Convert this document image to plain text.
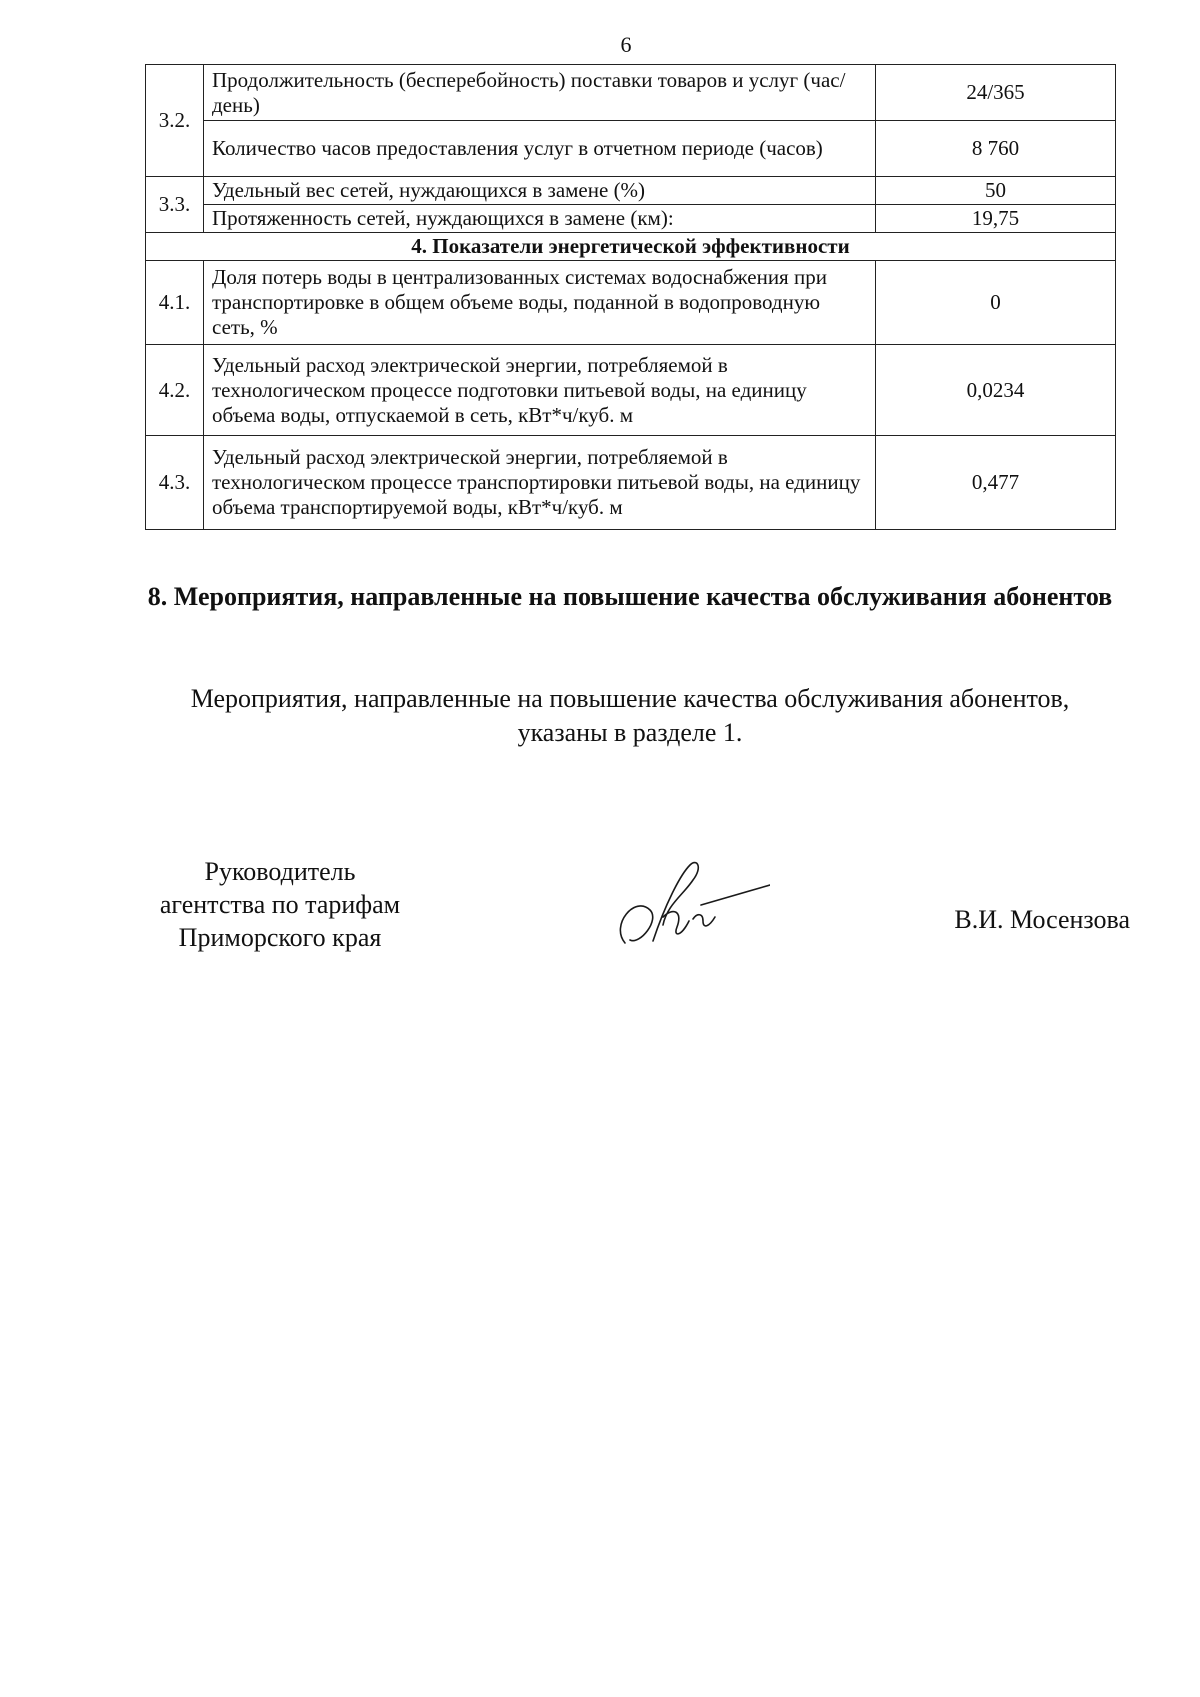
6
3.2.	Продолжительность (бесперебойность) поставки товаров и услуг (час/день)	24/365
	Количество часов предоставления услуг в отчетном периоде (часов)	8 760
3.3.	Удельный вес сетей, нуждающихся в замене (%)	50
	Протяженность сетей, нуждающихся в замене (км):	19,75
4. Показатели энергетической эффективности		
4.1.	Доля потерь воды в централизованных системах водоснабжения при транспортировке в общем объеме воды, поданной в водопроводную сеть, %	0
4.2.	Удельный расход электрической энергии, потребляемой в технологическом процессе подготовки питьевой воды, на единицу объема воды, отпускаемой в сеть, кВт*ч/куб. м	0,0234
4.3.	Удельный расход электрической энергии, потребляемой в технологическом процессе транспортировки питьевой воды, на единицу объема транспортируемой воды, кВт*ч/куб. м	0,477
8. Мероприятия, направленные на повышение качества обслуживания абонентов
Мероприятия, направленные на повышение качества обслуживания абонентов, указаны в разделе 1.
Руководитель
агентства по тарифам
Приморского края
В.И. Мосензова
